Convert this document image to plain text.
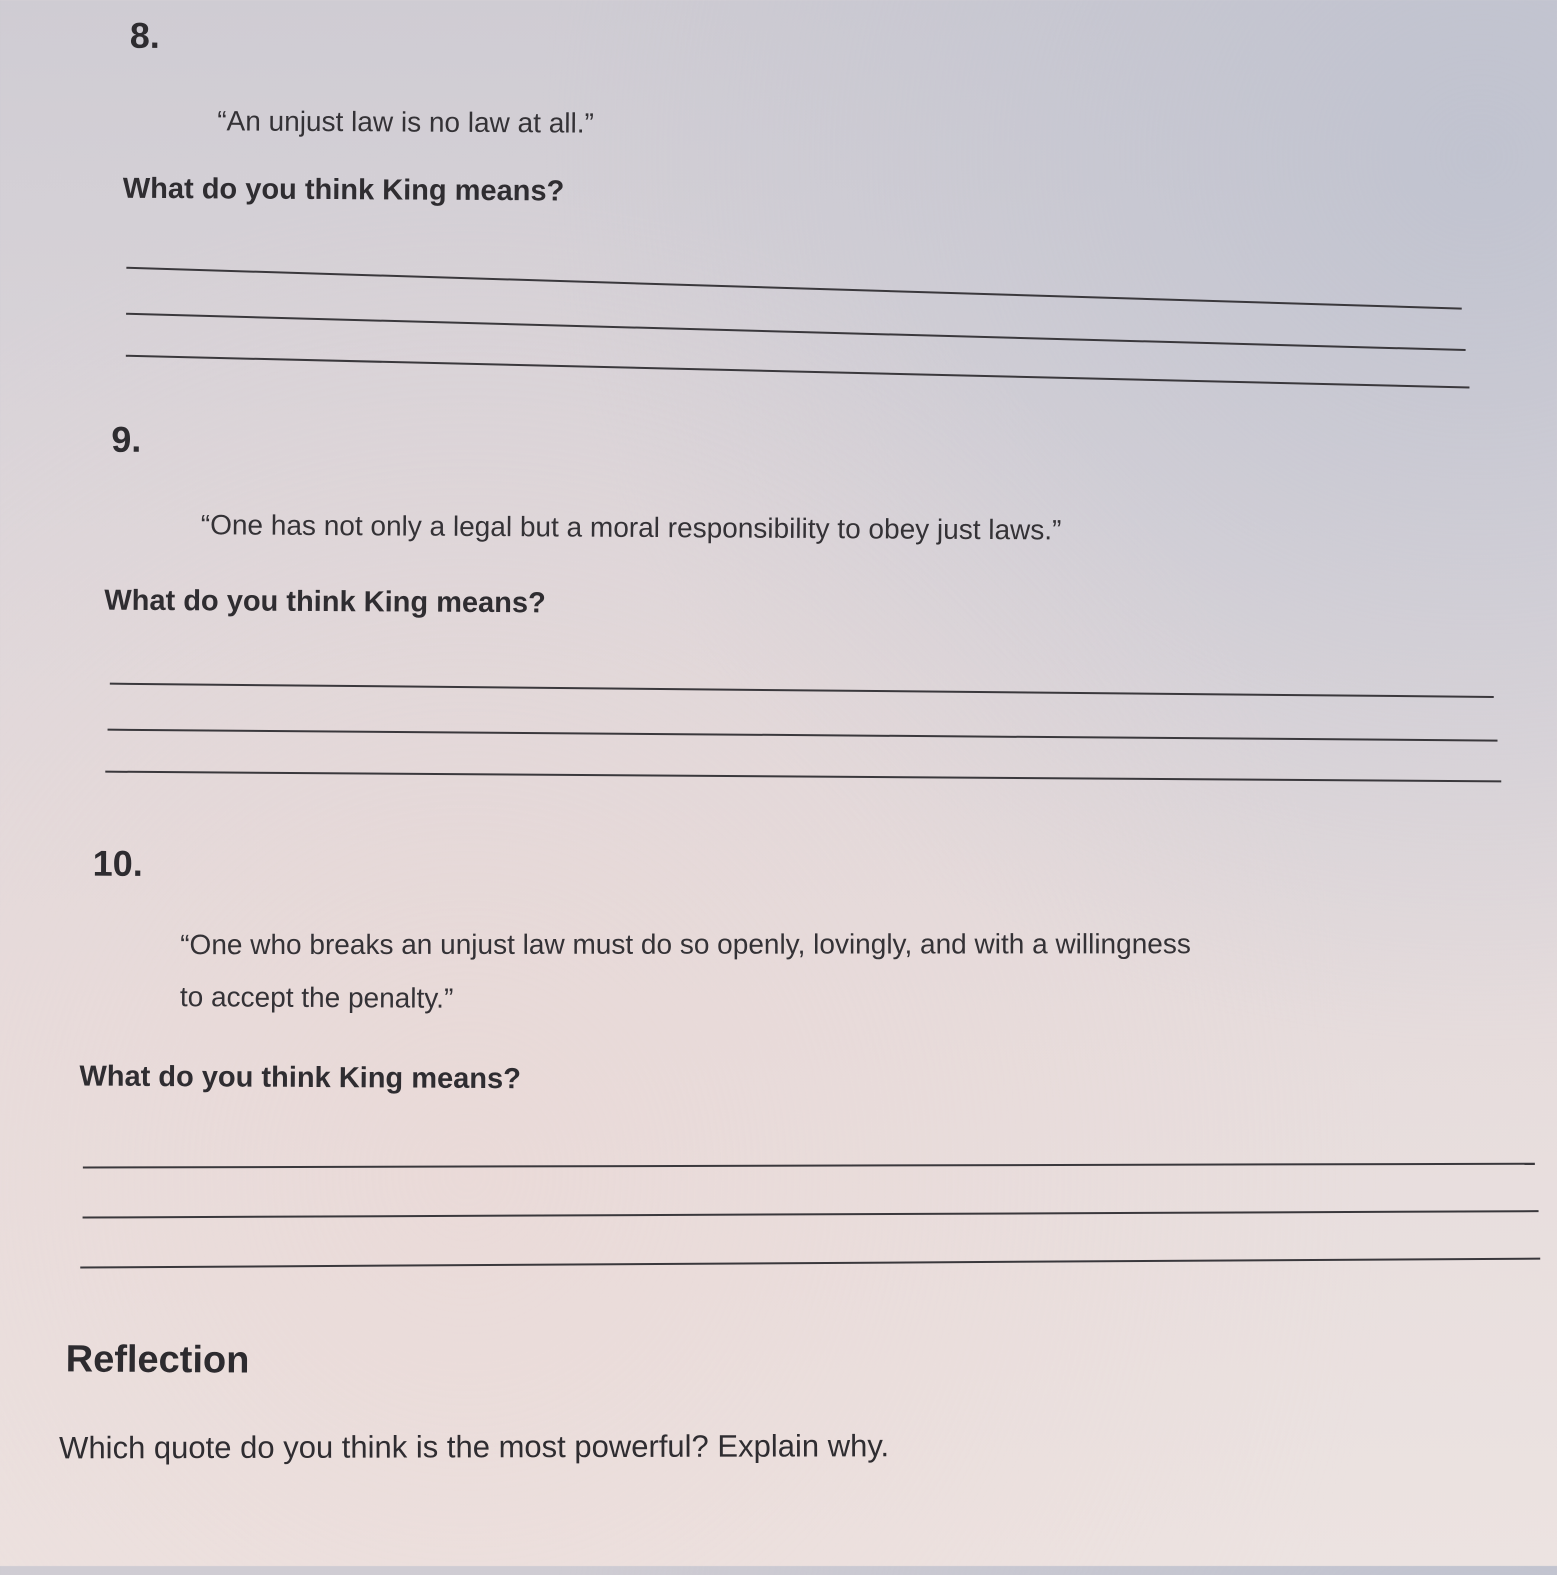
8.
“An unjust law is no law at all.”
What do you think King means?
9.
“One has not only a legal but a moral responsibility to obey just laws.”
What do you think King means?
10.
“One who breaks an unjust law must do so openly, lovingly, and with a willingness
to accept the penalty.”
What do you think King means?
Reflection
Which quote do you think is the most powerful? Explain why.
